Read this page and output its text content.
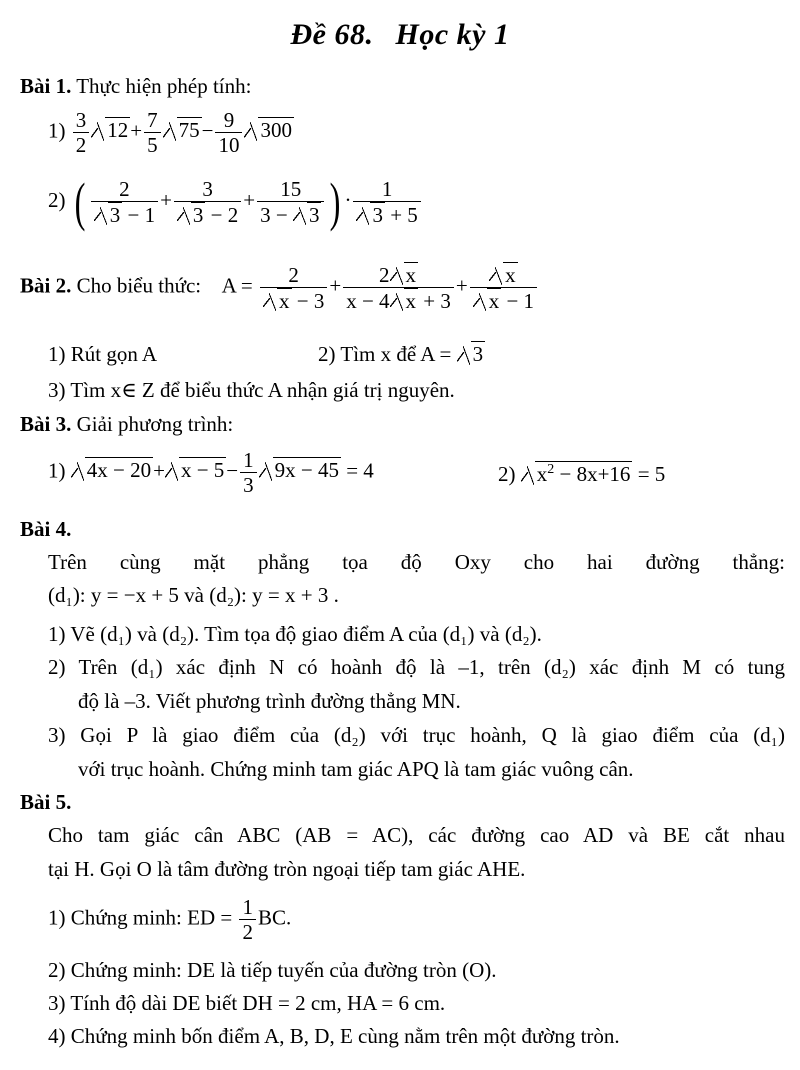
Đề 68. Học kỳ 1
Bài 1. Thực hiện phép tính:
$1) \frac{3}{2} 12+ \frac{7}{5} 75- \frac{9}{10} 300$
2) ( $\frac{2}{3 - 1} + \frac{3}{3 - 2} + \frac{15}{3 - 3}$ ) · $\frac{1}{3 + 5}$
Bài 2. Cho biểu thức: $A = \frac{2}{x - 3} + \frac{2 x}{x - 4 x + 3} + \frac{x}{x - 1}$
1) Rút gọn A	2) Tìm x để A = 3
3) Tìm x∈ Z để biểu thức A nhận giá trị nguyên.
Bài 3. Giải phương trình:
1) $4x - 20+ x - 5- \frac{1}{3} 9x - 45 = 4$	2) $x^2 - 8x+16 = 5$
Bài 4.
Trên cùng mặt phẳng tọa độ Oxy cho hai đường thẳng:
(d₁): y = −x + 5 và (d₂): y = x + 3 .
1) Vẽ (d₁) và (d₂). Tìm tọa độ giao điểm A của (d₁) và (d₂).
2) Trên (d₁) xác định N có hoành độ là –1, trên (d₂) xác định M có tung
độ là –3. Viết phương trình đường thẳng MN.
3) Gọi P là giao điểm của (d₂) với trục hoành, Q là giao điểm của (d₁)
với trục hoành. Chứng minh tam giác APQ là tam giác vuông cân.
Bài 5.
Cho tam giác cân ABC (AB = AC), các đường cao AD và BE cắt nhau
tại H. Gọi O là tâm đường tròn ngoại tiếp tam giác AHE.
1) Chứng minh: ED = $\frac{1}{2}$ BC.
2) Chứng minh: DE là tiếp tuyến của đường tròn (O).
3) Tính độ dài DE biết DH = 2 cm, HA = 6 cm.
4) Chứng minh bốn điểm A, B, D, E cùng nằm trên một đường tròn.
